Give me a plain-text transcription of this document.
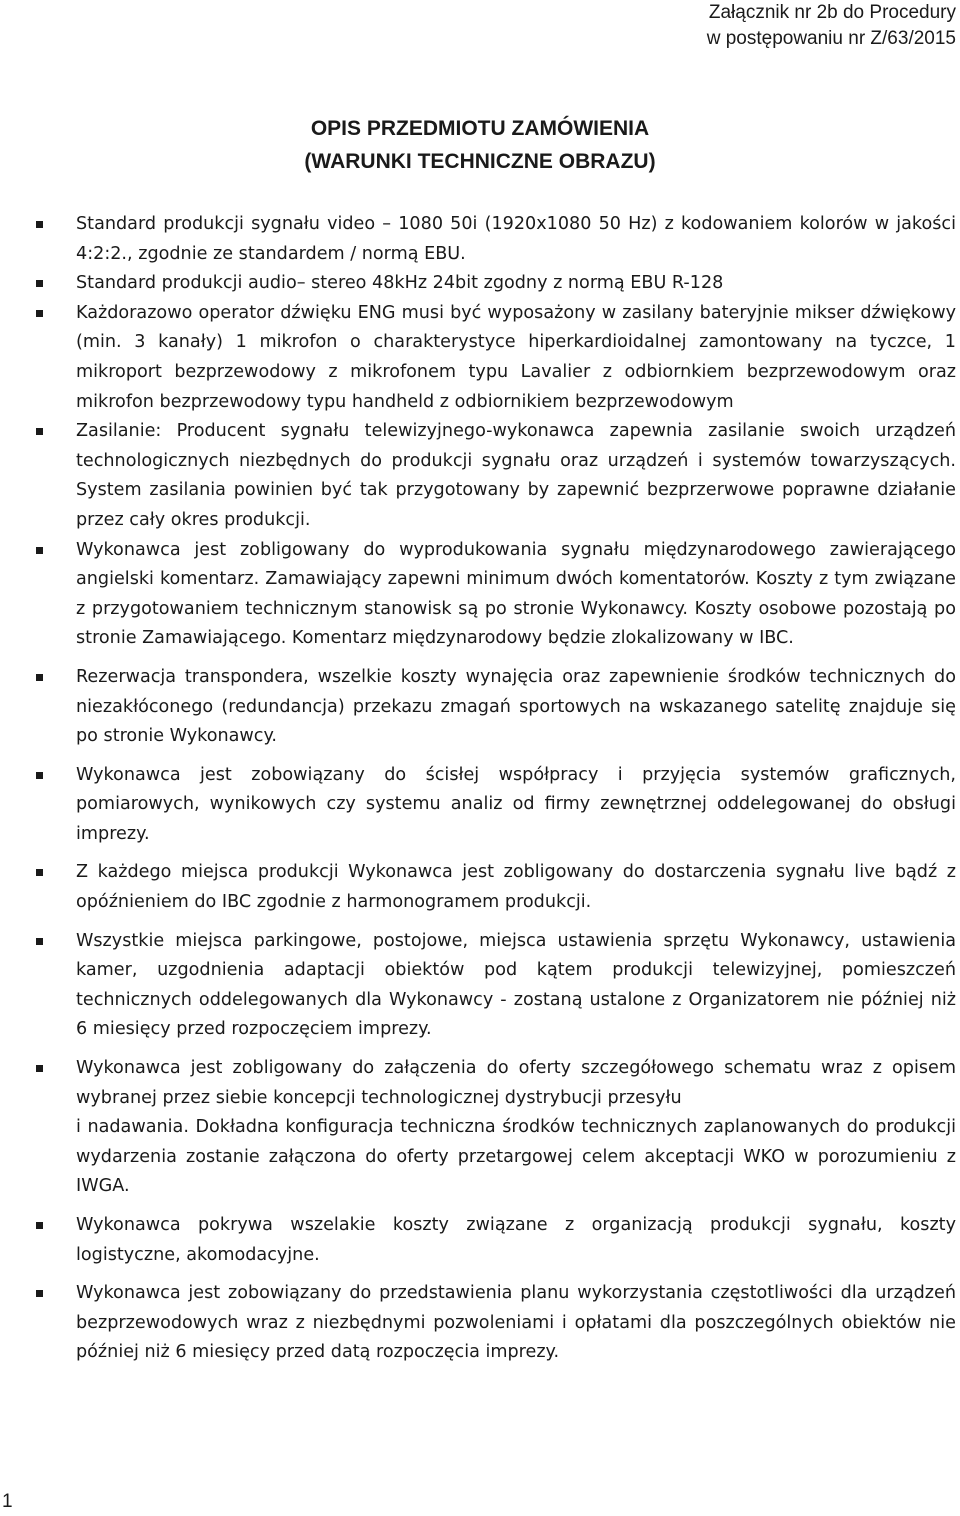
Załącznik nr 2b do Procedury
w postępowaniu nr Z/63/2015
OPIS PRZEDMIOTU ZAMÓWIENIA
(WARUNKI TECHNICZNE OBRAZU)
Standard produkcji sygnału video – 1080 50i (1920x1080 50 Hz) z kodowaniem kolorów w jakości 4:2:2., zgodnie ze standardem / normą EBU.
Standard produkcji audio– stereo 48kHz 24bit zgodny z normą EBU R-128
Każdorazowo operator dźwięku ENG musi być wyposażony w zasilany bateryjnie mikser dźwiękowy (min. 3 kanały) 1 mikrofon o charakterystyce hiperkardioidalnej zamontowany na tyczce, 1 mikroport bezprzewodowy z mikrofonem typu Lavalier z odbiornkiem bezprzewodowym oraz mikrofon bezprzewodowy typu handheld z odbiornikiem bezprzewodowym
Zasilanie: Producent sygnału telewizyjnego-wykonawca zapewnia zasilanie swoich urządzeń technologicznych niezbędnych do produkcji sygnału oraz urządzeń i systemów towarzyszących. System zasilania powinien być tak przygotowany by zapewnić bezprzerwowe poprawne działanie przez cały okres produkcji.
Wykonawca jest zobligowany do wyprodukowania sygnału międzynarodowego zawierającego angielski komentarz. Zamawiający zapewni minimum dwóch komentatorów. Koszty z tym związane z przygotowaniem technicznym stanowisk są po stronie Wykonawcy. Koszty osobowe pozostają po stronie Zamawiającego. Komentarz międzynarodowy będzie zlokalizowany w IBC.
Rezerwacja transpondera, wszelkie koszty wynajęcia oraz zapewnienie środków technicznych do niezakłóconego (redundancja) przekazu zmagań sportowych na wskazanego satelitę znajduje się po stronie Wykonawcy.
Wykonawca jest zobowiązany do ścisłej współpracy i przyjęcia systemów graficznych, pomiarowych, wynikowych czy systemu analiz od firmy zewnętrznej oddelegowanej do obsługi imprezy.
Z każdego miejsca produkcji Wykonawca jest zobligowany do dostarczenia sygnału live bądź z opóźnieniem do IBC zgodnie z harmonogramem produkcji.
Wszystkie miejsca parkingowe, postojowe, miejsca ustawienia sprzętu Wykonawcy, ustawienia kamer, uzgodnienia adaptacji obiektów pod kątem produkcji telewizyjnej, pomieszczeń technicznych oddelegowanych dla Wykonawcy - zostaną ustalone z Organizatorem nie później niż 6 miesięcy przed rozpoczęciem imprezy.
Wykonawca jest zobligowany do załączenia do oferty szczegółowego schematu wraz z opisem wybranej przez siebie koncepcji technologicznej dystrybucji przesyłu
i nadawania. Dokładna konfiguracja techniczna środków technicznych zaplanowanych do produkcji wydarzenia zostanie załączona do oferty przetargowej celem akceptacji WKO w porozumieniu z IWGA.
Wykonawca pokrywa wszelakie koszty związane z organizacją produkcji sygnału, koszty logistyczne, akomodacyjne.
Wykonawca jest zobowiązany do przedstawienia planu wykorzystania częstotliwości dla urządzeń bezprzewodowych wraz z niezbędnymi pozwoleniami i opłatami dla poszczególnych obiektów nie później niż 6 miesięcy przed datą rozpoczęcia imprezy.
1
